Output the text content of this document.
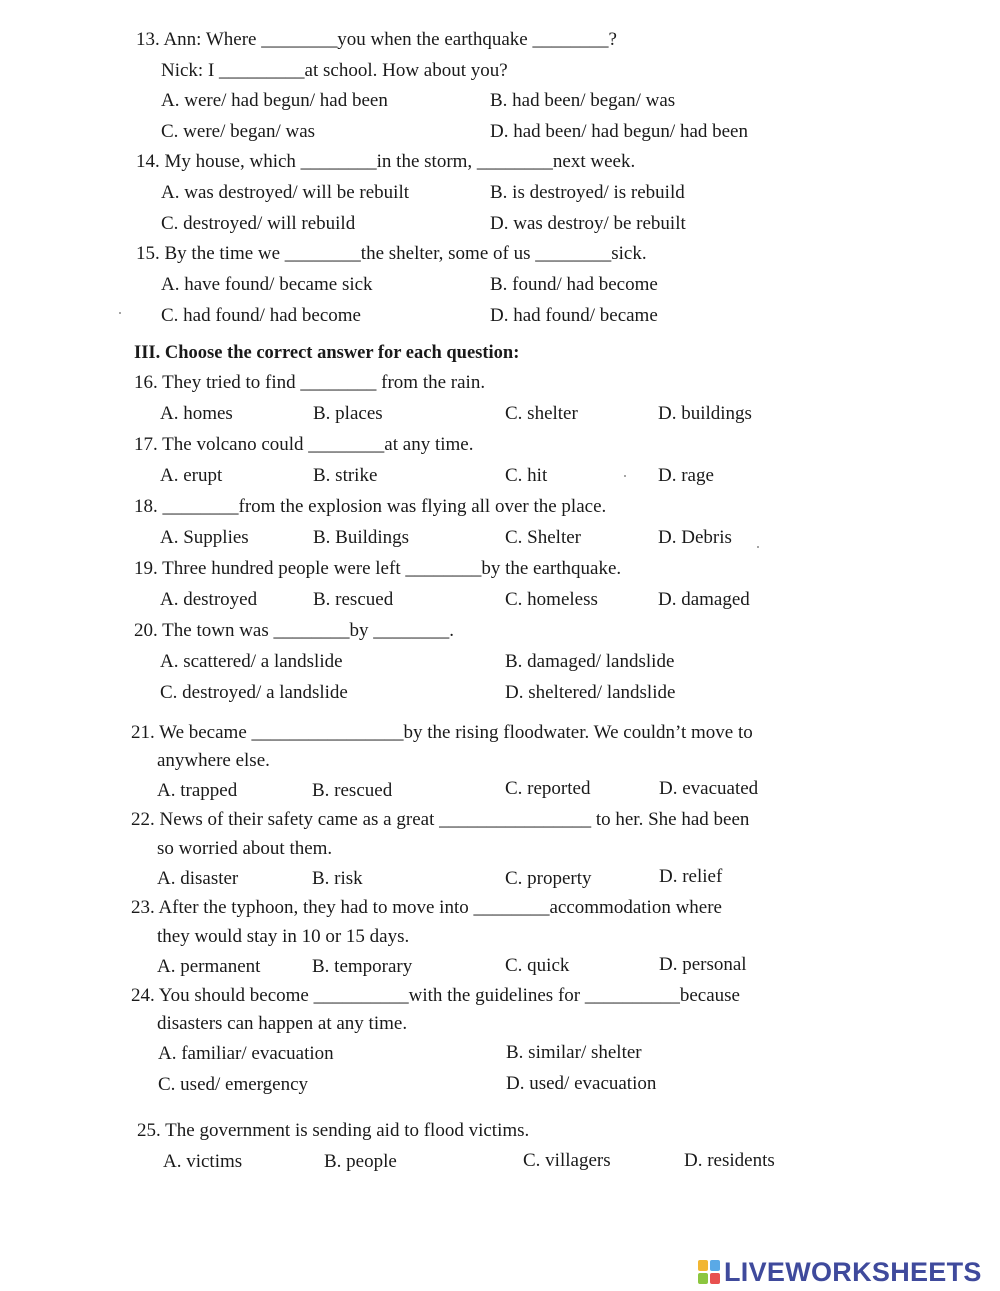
13. Ann: Where ________you when the earthquake ________?
Nick: I _________at school. How about you?
A. were/ had begun/ had been	B. had been/ began/ was
C. were/ began/ was	D. had been/ had begun/ had been
14. My house, which ________in the storm, ________next week.
A. was destroyed/ will be rebuilt	B. is destroyed/ is rebuild
C. destroyed/ will rebuild	D. was destroy/ be rebuilt
15. By the time we ________the shelter, some of us ________sick.
A. have found/ became sick	B. found/ had become
C. had found/ had become	D. had found/ became
III. Choose the correct answer for each question:
16. They tried to find ________ from the rain.
A. homes	B. places	C. shelter	D. buildings
17. The volcano could ________at any time.
A. erupt	B. strike	C. hit	D. rage
18. ________from the explosion was flying all over the place.
A. Supplies	B. Buildings	C. Shelter	D. Debris
19. Three hundred people were left ________by the earthquake.
A. destroyed	B. rescued	C. homeless	D. damaged
20. The town was ________by ________.
A. scattered/ a landslide	B. damaged/ landslide
C. destroyed/ a landslide	D. sheltered/ landslide
21. We became ________________by the rising floodwater. We couldn’t move to
anywhere else.
A. trapped	B. rescued	C. reported	D. evacuated
22. News of their safety came as a great ________________ to her. She had been
so worried about them.
A. disaster	B. risk	C. property	D. relief
23. After the typhoon, they had to move into ________accommodation where
they would stay in 10 or 15 days.
A. permanent	B. temporary	C. quick	D. personal
24. You should become __________with the guidelines for __________because
disasters can happen at any time.
A. familiar/ evacuation	B. similar/ shelter
C. used/ emergency	D. used/ evacuation
25. The government is sending aid to flood victims.
A. victims	B. people	C. villagers	D. residents
LIVEWORKSHEETS
